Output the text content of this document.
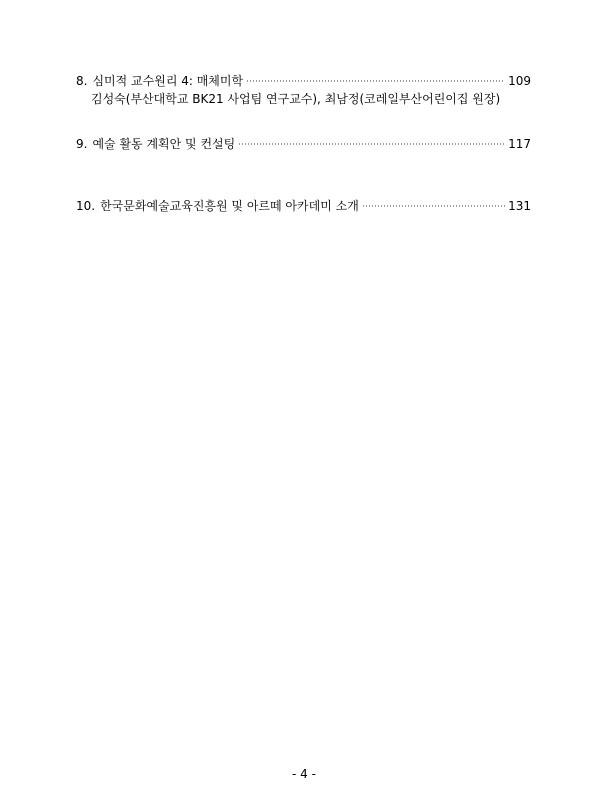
8. 심미적 교수원리 4: 매체미학	109
김성숙(부산대학교 BK21 사업팀 연구교수), 최남정(코레일부산어린이집 원장)
9. 예술 활동 계획안 및 컨설팅	117
10. 한국문화예술교육진흥원 및 아르떼 아카데미 소개	131
- 4 -
